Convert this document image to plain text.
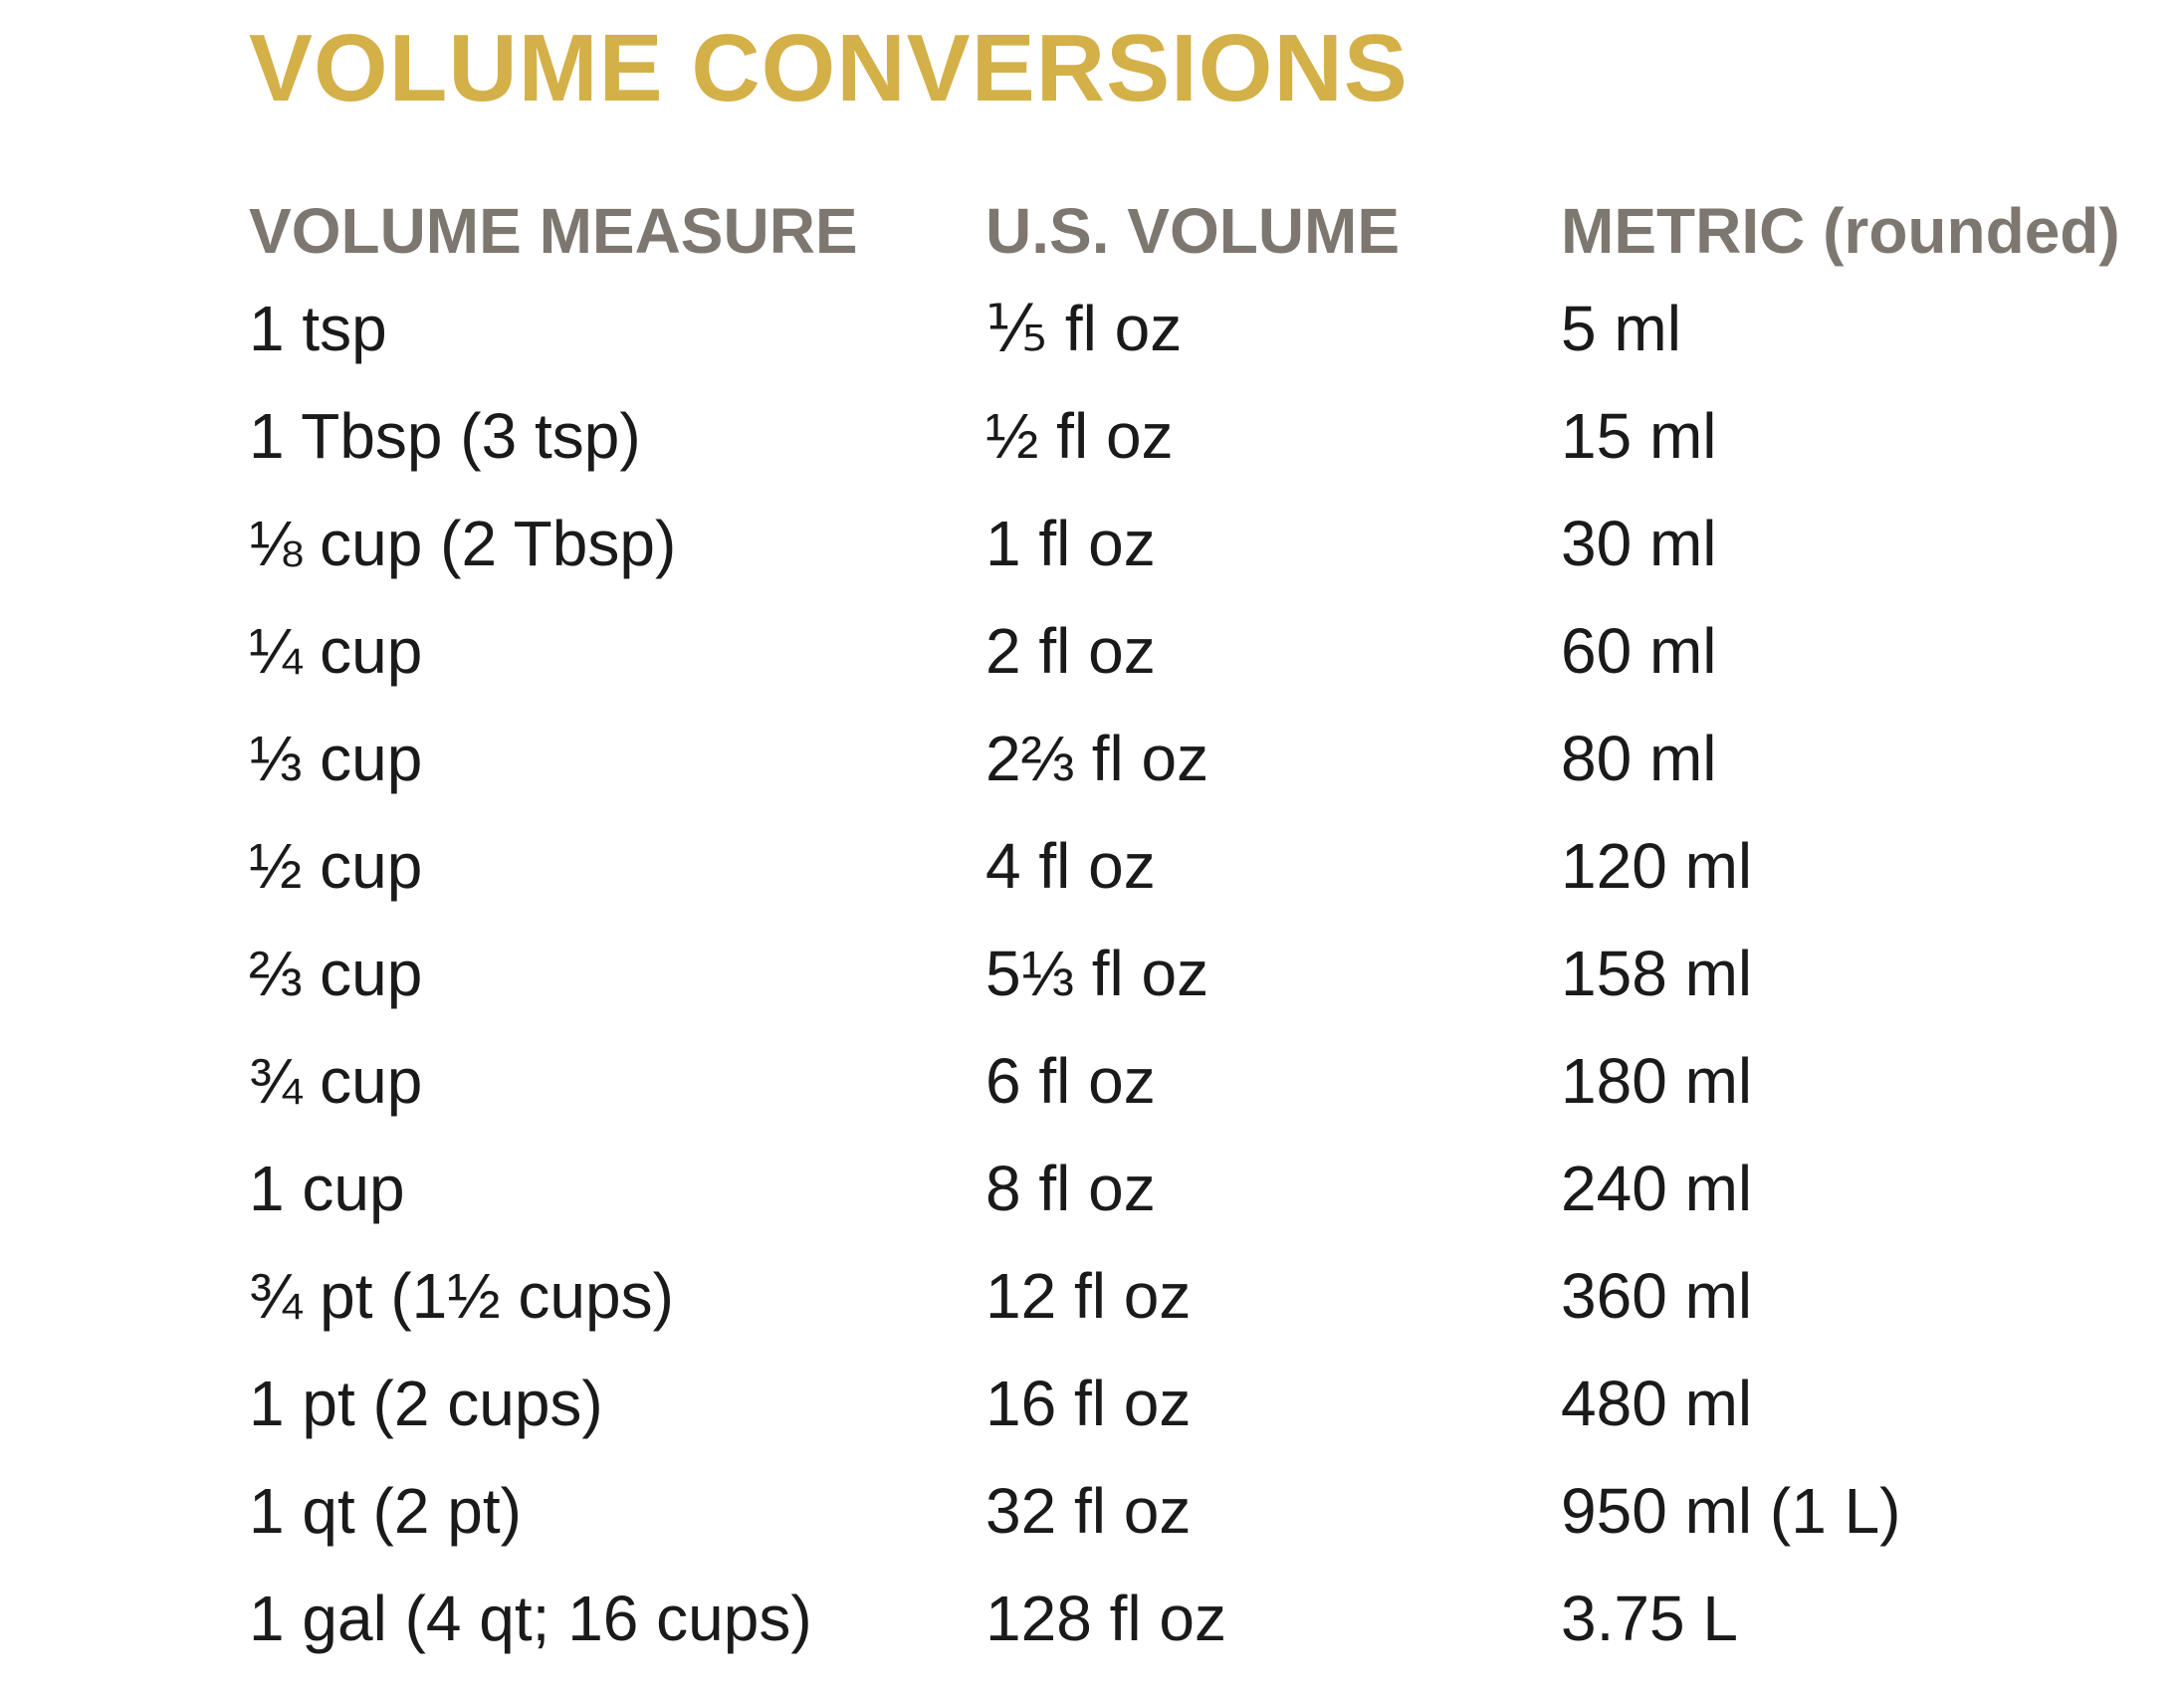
VOLUME CONVERSIONS
VOLUME MEASURE	U.S. VOLUME	METRIC (rounded)
1 tsp	⅕ fl oz	5 ml
1 Tbsp (3 tsp)	½ fl oz	15 ml
⅛ cup (2 Tbsp)	1 fl oz	30 ml
¼ cup	2 fl oz	60 ml
⅓ cup	2⅔ fl oz	80 ml
½ cup	4 fl oz	120 ml
⅔ cup	5⅓ fl oz	158 ml
¾ cup	6 fl oz	180 ml
1 cup	8 fl oz	240 ml
¾ pt (1½ cups)	12 fl oz	360 ml
1 pt (2 cups)	16 fl oz	480 ml
1 qt (2 pt)	32 fl oz	950 ml (1 L)
1 gal (4 qt; 16 cups)	128 fl oz	3.75 L
